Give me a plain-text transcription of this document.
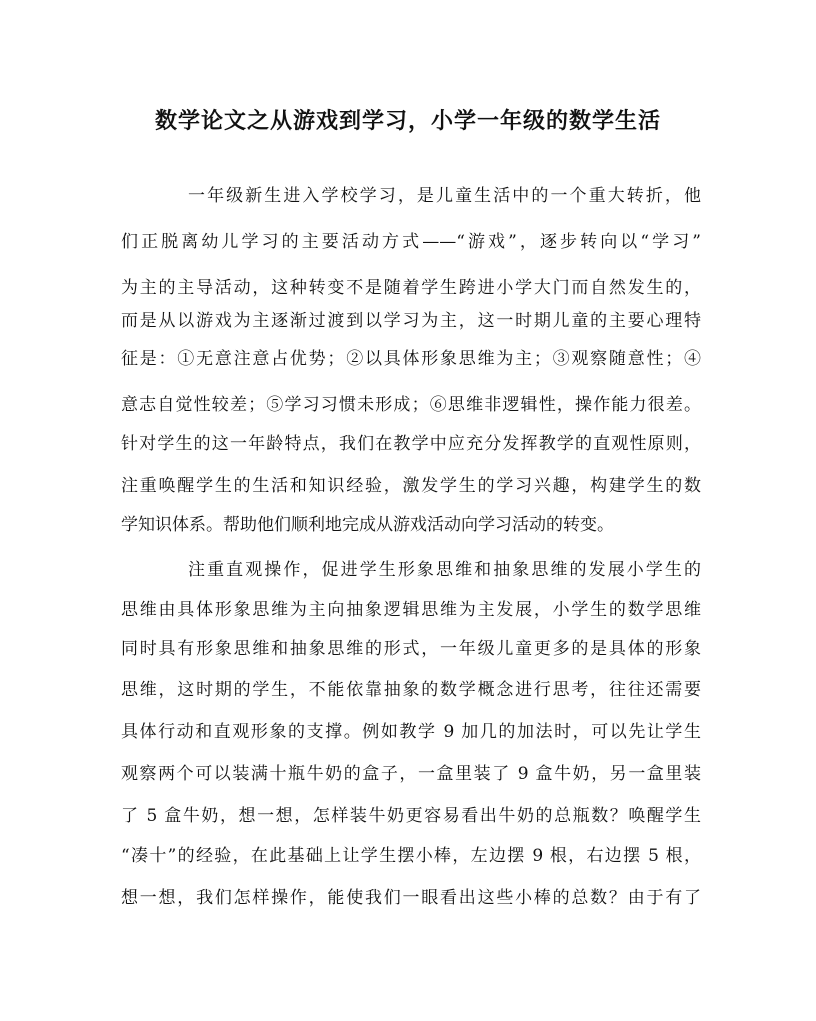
数学论文之从游戏到学习，小学一年级的数学生活
一年级新生进入学校学习，是儿童生活中的一个重大转折，他
们正脱离幼儿学习的主要活动方式——“游戏”，逐步转向以“学习”
为主的主导活动，这种转变不是随着学生跨进小学大门而自然发生的，
而是从以游戏为主逐渐过渡到以学习为主，这一时期儿童的主要心理特
征是：①无意注意占优势；②以具体形象思维为主；③观察随意性；④
意志自觉性较差；⑤学习习惯未形成；⑥思维非逻辑性，操作能力很差。
针对学生的这一年龄特点，我们在教学中应充分发挥教学的直观性原则，
注重唤醒学生的生活和知识经验，激发学生的学习兴趣，构建学生的数
学知识体系。帮助他们顺利地完成从游戏活动向学习活动的转变。
注重直观操作，促进学生形象思维和抽象思维的发展小学生的
思维由具体形象思维为主向抽象逻辑思维为主发展，小学生的数学思维
同时具有形象思维和抽象思维的形式，一年级儿童更多的是具体的形象
思维，这时期的学生，不能依靠抽象的数学概念进行思考，往往还需要
具体行动和直观形象的支撑。例如教学 9 加几的加法时，可以先让学生
观察两个可以装满十瓶牛奶的盒子，一盒里装了 9 盒牛奶，另一盒里装
了 5 盒牛奶，想一想，怎样装牛奶更容易看出牛奶的总瓶数？唤醒学生
“凑十”的经验，在此基础上让学生摆小棒，左边摆 9 根，右边摆 5 根，
想一想，我们怎样操作，能使我们一眼看出这些小棒的总数？由于有了
